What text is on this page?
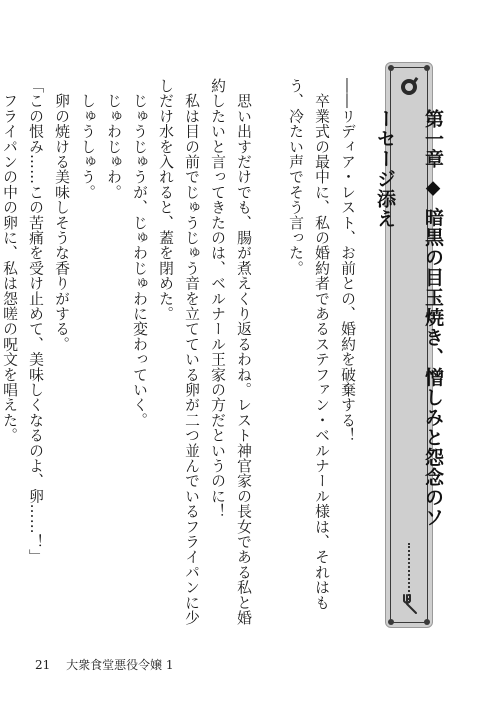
第一章 ◆ 暗黒の目玉焼き、憎しみと怨念のソーセージ添え

――リディア・レスト、お前との、婚約を破棄する！

　卒業式の最中に、私の婚約者であるステファン・ベルナール様は、それはもう、冷たい声でそう言った。

　思い出すだけでも、腸が煮えくり返るわね。レスト神官家の長女である私と婚約したいと言ってきたのは、ベルナール王家の方だというのに！

　私は目の前でじゅうじゅう音を立てている卵が二つ並んでいるフライパンに少しだけ水を入れると、蓋を閉めた。

　じゅうじゅうが、じゅわじゅわに変わっていく。

　じゅわじゅわ。

　しゅうしゅう。

　卵の焼ける美味しそうな香りがする。

「この恨み……この苦痛を受け止めて、美味しくなるのよ、卵……！」

　フライパンの中の卵に、私は怨嗟の呪文を唱えた。

21 大衆食堂悪役令嬢 1
